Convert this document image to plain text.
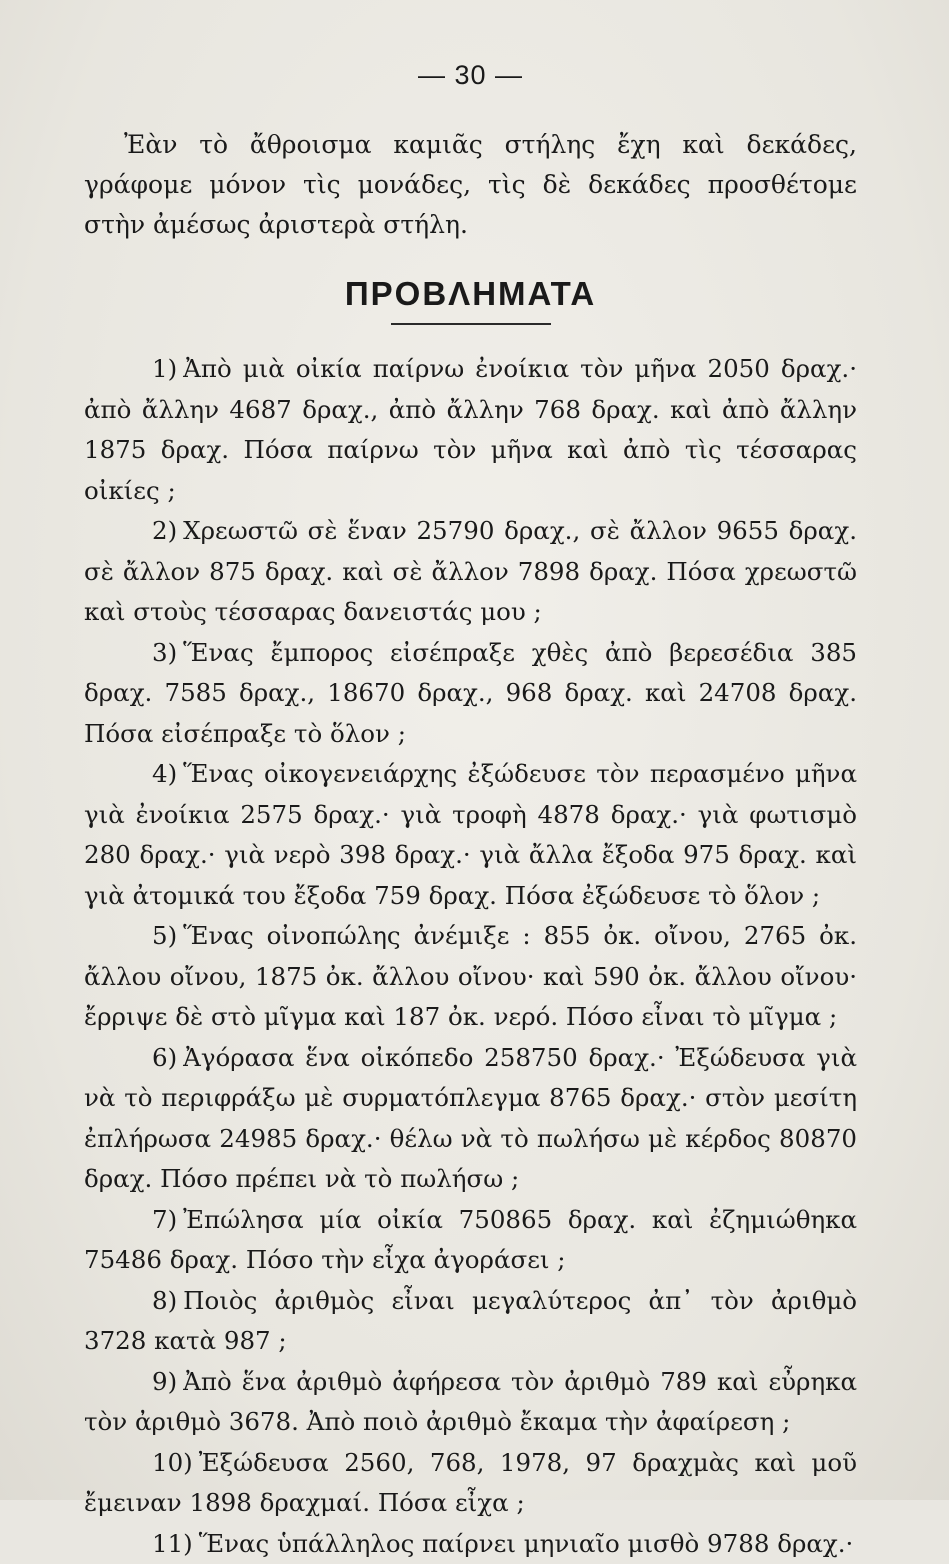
— 30 —

Ἐὰν τὸ ἄθροισμα καμιᾶς στήλης ἔχη καὶ δεκάδες, γράφομε μόνον τὶς μονάδες, τὶς δὲ δεκάδες προσθέτομε στὴν ἀμέσως ἀριστερὰ στήλη.

ΠΡΟΒΛΗΜΑΤΑ

1) Ἀπὸ μιὰ οἰκία παίρνω ἐνοίκια τὸν μῆνα 2050 δραχ.· ἀπὸ ἄλλην 4687 δραχ., ἀπὸ ἄλλην 768 δραχ. καὶ ἀπὸ ἄλλην 1875 δραχ. Πόσα παίρνω τὸν μῆνα καὶ ἀπὸ τὶς τέσσαρας οἰκίες ;

2) Χρεωστῶ σὲ ἕναν 25790 δραχ., σὲ ἄλλον 9655 δραχ. σὲ ἄλλον 875 δραχ. καὶ σὲ ἄλλον 7898 δραχ. Πόσα χρεωστῶ καὶ στοὺς τέσσαρας δανειστάς μου ;

3) Ἕνας ἔμπορος εἰσέπραξε χθὲς ἀπὸ βερεσέδια 385 δραχ. 7585 δραχ., 18670 δραχ., 968 δραχ. καὶ 24708 δραχ. Πόσα εἰσέπραξε τὸ ὅλον ;

4) Ἕνας οἰκογενειάρχης ἐξώδευσε τὸν περασμένο μῆνα γιὰ ἐνοίκια 2575 δραχ.· γιὰ τροφὴ 4878 δραχ.· γιὰ φωτισμὸ 280 δραχ.· γιὰ νερὸ 398 δραχ.· γιὰ ἄλλα ἔξοδα 975 δραχ. καὶ γιὰ ἀτομικά του ἔξοδα 759 δραχ. Πόσα ἐξώδευσε τὸ ὅλον ;

5) Ἕνας οἰνοπώλης ἀνέμιξε : 855 ὀκ. οἴνου, 2765 ὀκ. ἄλλου οἴνου, 1875 ὀκ. ἄλλου οἴνου· καὶ 590 ὀκ. ἄλλου οἴνου· ἔρριψε δὲ στὸ μῖγμα καὶ 187 ὀκ. νερό. Πόσο εἶναι τὸ μῖγμα ;

6) Ἀγόρασα ἕνα οἰκόπεδο 258750 δραχ.· Ἐξώδευσα γιὰ νὰ τὸ περιφράξω μὲ συρματόπλεγμα 8765 δραχ.· στὸν μεσίτη ἐπλήρωσα 24985 δραχ.· θέλω νὰ τὸ πωλήσω μὲ κέρδος 80870 δραχ. Πόσο πρέπει νὰ τὸ πωλήσω ;

7) Ἐπώλησα μία οἰκία 750865 δραχ. καὶ ἐζημιώθηκα 75486 δραχ. Πόσο τὴν εἶχα ἀγοράσει ;

8) Ποιὸς ἀριθμὸς εἶναι μεγαλύτερος ἀπ᾽ τὸν ἀριθμὸ 3728 κατὰ 987 ;

9) Ἀπὸ ἕνα ἀριθμὸ ἀφήρεσα τὸν ἀριθμὸ 789 καὶ εὖρηκα τὸν ἀριθμὸ 3678. Ἀπὸ ποιὸ ἀριθμὸ ἔκαμα τὴν ἀφαίρεση ;

10) Ἐξώδευσα 2560, 768, 1978, 97 δραχμὰς καὶ μοῦ ἔμειναν 1898 δραχμαί. Πόσα εἶχα ;

11) Ἕνας ὑπάλληλος παίρνει μηνιαῖο μισθὸ 9788 δραχ.·
